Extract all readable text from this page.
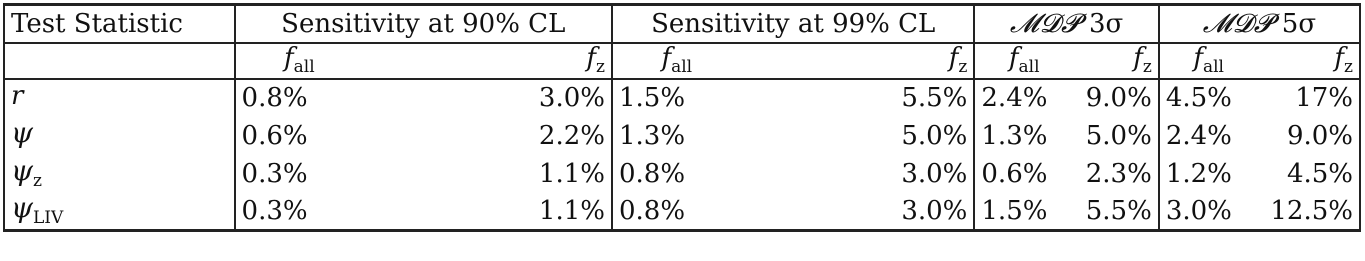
Test Statistic	Sensitivity at 90% CL		Sensitivity at 99% CL		𝓜𝓓𝓟 3σ		𝓜𝓓𝓟 5σ	
	$f_{all}$	$f_z$	$f_{all}$	$f_z$	$f_{all}$	$f_z$	$f_{all}$	$f_z$
r	0.8%	3.0%	1.5%	5.5%	2.4%	9.0%	4.5%	17%
ψ	0.6%	2.2%	1.3%	5.0%	1.3%	5.0%	2.4%	9.0%
$\psi_z$	0.3%	1.1%	0.8%	3.0%	0.6%	2.3%	1.2%	4.5%
$\psi_{LIV}$	0.3%	1.1%	0.8%	3.0%	1.5%	5.5%	3.0%	12.5%
